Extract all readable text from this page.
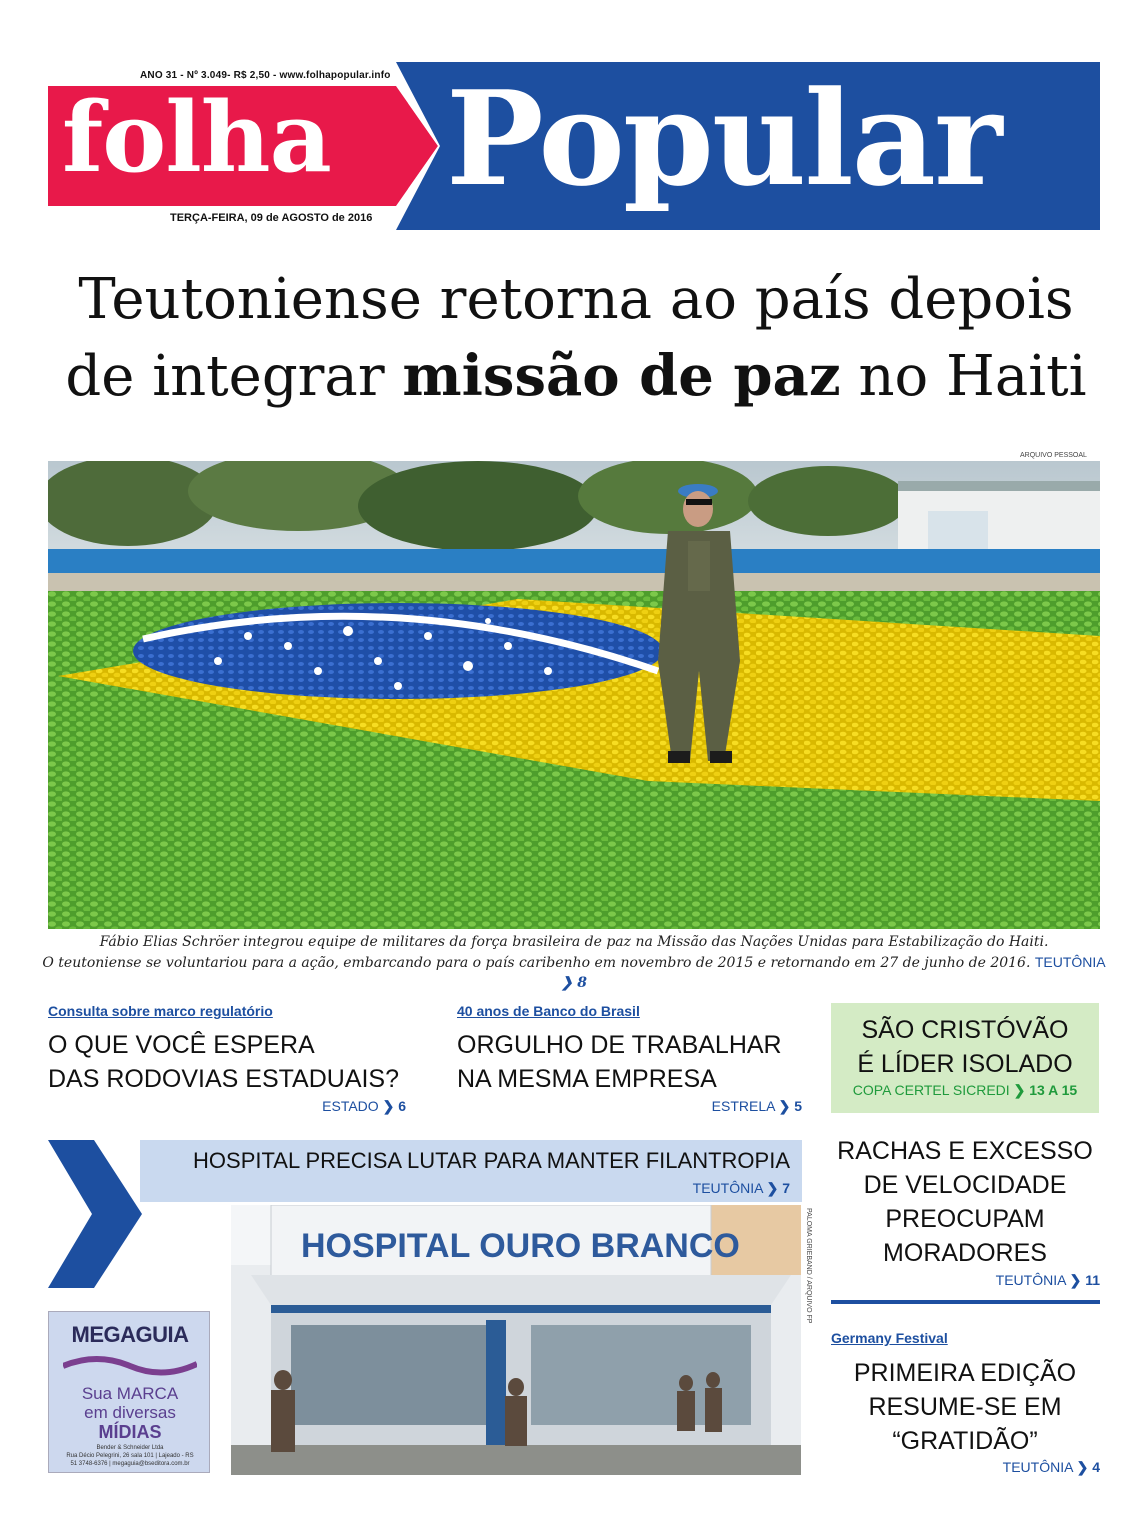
ANO 31 - Nº 3.049- R$ 2,50 - www.folhapopular.info
folha Popular
TERÇA-FEIRA, 09 de AGOSTO de 2016
Teutoniense retorna ao país depois
de integrar missão de paz no Haiti
ARQUIVO PESSOAL
Fábio Elias Schröer integrou equipe de militares da força brasileira de paz na Missão das Nações Unidas para Estabilização do Haiti.
O teutoniense se voluntariou para a ação, embarcando para o país caribenho em novembro de 2015 e retornando em 27 de junho de 2016. TEUTÔNIA ❯ 8
Consulta sobre marco regulatório
O QUE VOCÊ ESPERA
DAS RODOVIAS ESTADUAIS?
ESTADO ❯ 6
40 anos de Banco do Brasil
ORGULHO DE TRABALHAR
NA MESMA EMPRESA
ESTRELA ❯ 5
SÃO CRISTÓVÃO
É LÍDER ISOLADO
COPA CERTEL SICREDI ❯ 13 A 15
HOSPITAL PRECISA LUTAR PARA MANTER FILANTROPIA
TEUTÔNIA ❯ 7
HOSPITAL OURO BRANCO	PALOMA GRIEBAND / ARQUIVO FP
MEGAGUIA
Sua MARCA
em diversas
MÍDIAS
Bender & Schneider Ltda
Rua Décio Pelegrini, 26 sala 101 | Lajeado - RS
51 3748-6376 | megaguia@bseditora.com.br
RACHAS E EXCESSO
DE VELOCIDADE
PREOCUPAM
MORADORES
TEUTÔNIA ❯ 11
Germany Festival
PRIMEIRA EDIÇÃO
RESUME-SE EM
“GRATIDÃO”
TEUTÔNIA ❯ 4
